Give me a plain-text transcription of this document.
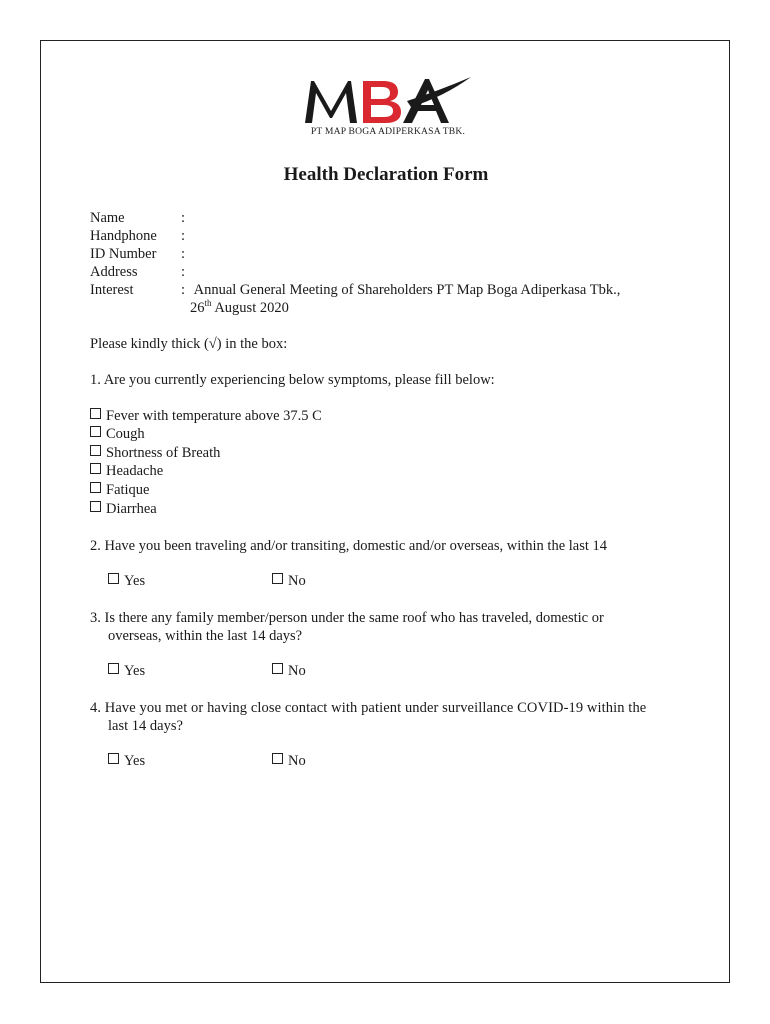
PT MAP BOGA ADIPERKASA TBK.
Health Declaration Form
Name	:
Handphone :
ID Number :
Address	:
Interest	: Annual General Meeting of Shareholders PT Map Boga Adiperkasa Tbk.,
26th August 2020
Please kindly thick (√) in the box:
1. Are you currently experiencing below symptoms, please fill below:
Fever with temperature above 37.5 C
Cough
Shortness of Breath
Headache
Fatique
Diarrhea
2. Have you been traveling and/or transiting, domestic and/or overseas, within the last 14
Yes	No
3. Is there any family member/person under the same roof who has traveled, domestic or
overseas, within the last 14 days?
Yes	No
4. Have you met or having close contact with patient under surveillance COVID-19 within the
last 14 days?
Yes	No
